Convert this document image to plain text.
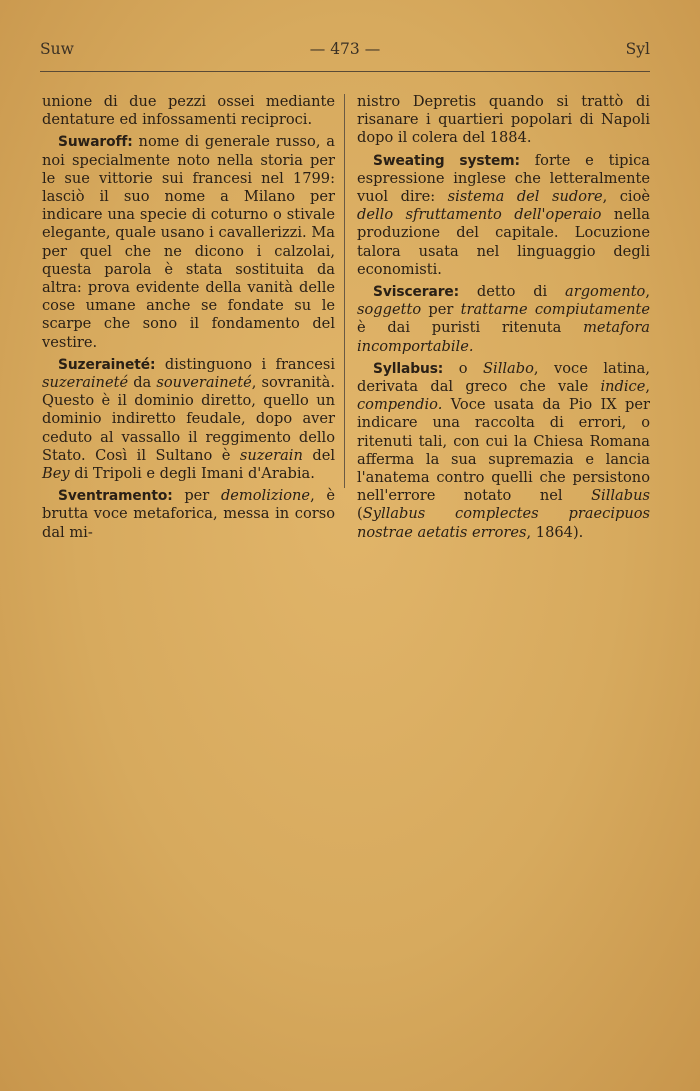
Suw	— 473 —	Syl

unione di due pezzi ossei mediante dentature ed infossamenti reciproci.

Suwaroff: nome di generale russo, a noi specialmente noto nella storia per le sue vittorie sui francesi nel 1799: lasciò il suo nome a Milano per indicare una specie di coturno o stivale elegante, quale usano i cavallerizzi. Ma per quel che ne dicono i calzolai, questa parola è stata sostituita da altra: prova evidente della vanità delle cose umane anche se fondate su le scarpe che sono il fondamento del vestire.

Suzeraineté: distinguono i francesi suzeraineté da souveraineté, sovranità. Questo è il dominio diretto, quello un dominio indiretto feudale, dopo aver ceduto al vassallo il reggimento dello Stato. Così il Sultano è suzerain del Bey di Tripoli e degli Imani d'Arabia.

Sventramento: per demolizione, è brutta voce metaforica, messa in corso dal mi-

nistro Depretis quando si trattò di risanare i quartieri popolari di Napoli dopo il colera del 1884.

Sweating system: forte e tipica espressione inglese che letteralmente vuol dire: sistema del sudore, cioè dello sfruttamento dell'operaio nella produzione del capitale. Locuzione talora usata nel linguaggio degli economisti.

Sviscerare: detto di argomento, soggetto per trattarne compiutamente è dai puristi ritenuta metafora incomportabile.

Syllabus: o Sillabo, voce latina, derivata dal greco che vale indice, compendio. Voce usata da Pio IX per indicare una raccolta di errori, o ritenuti tali, con cui la Chiesa Romana afferma la sua supremazia e lancia l'anatema contro quelli che persistono nell'errore notato nel Sillabus (Syllabus complectes praecipuos nostrae aetatis errores, 1864).
